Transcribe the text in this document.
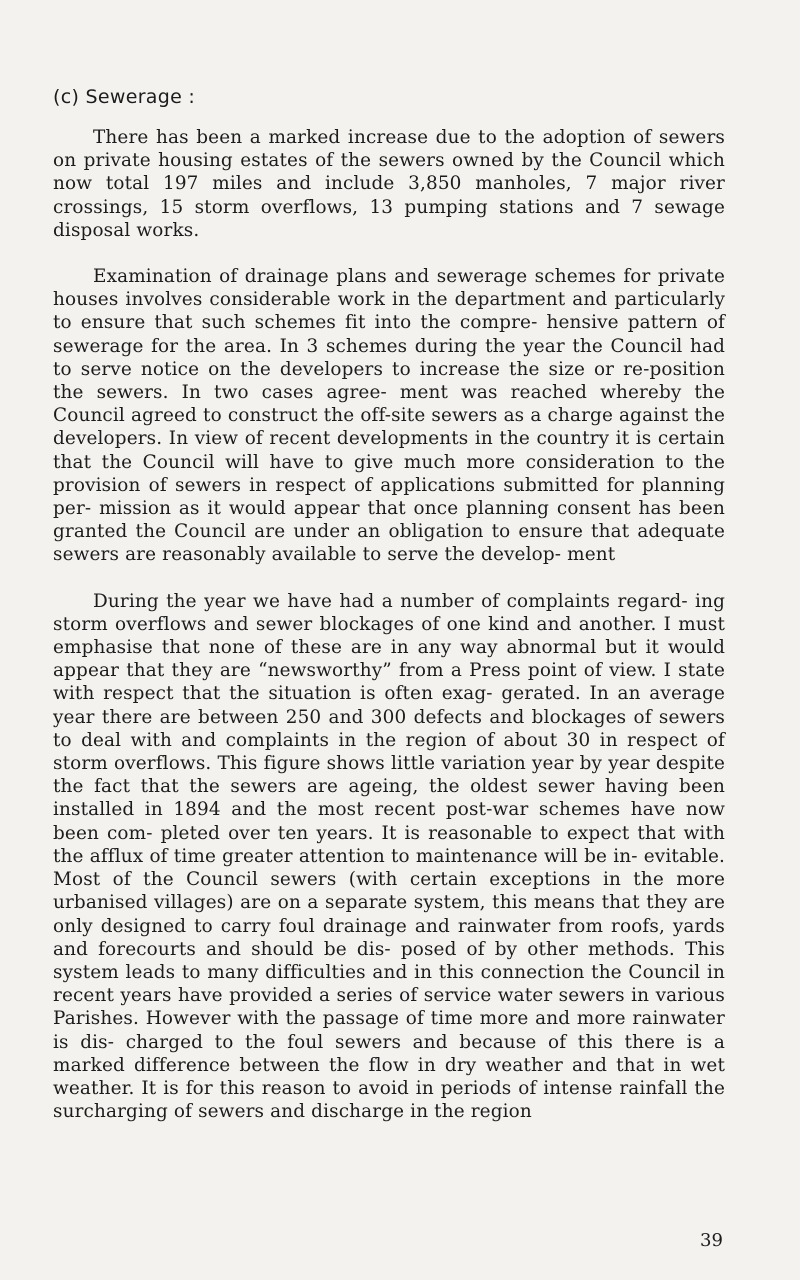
(c) Sewerage :

There has been a marked increase due to the adoption of sewers on private housing estates of the sewers owned by the Council which now total 197 miles and include 3,850 manholes, 7 major river crossings, 15 storm overflows, 13 pumping stations and 7 sewage disposal works.

Examination of drainage plans and sewerage schemes for private houses involves considerable work in the department and particularly to ensure that such schemes fit into the compre- hensive pattern of sewerage for the area. In 3 schemes during the year the Council had to serve notice on the developers to increase the size or re-position the sewers. In two cases agree- ment was reached whereby the Council agreed to construct the off-site sewers as a charge against the developers. In view of recent developments in the country it is certain that the Council will have to give much more consideration to the provision of sewers in respect of applications submitted for planning per- mission as it would appear that once planning consent has been granted the Council are under an obligation to ensure that adequate sewers are reasonably available to serve the develop- ment

During the year we have had a number of complaints regard- ing storm overflows and sewer blockages of one kind and another. I must emphasise that none of these are in any way abnormal but it would appear that they are “newsworthy” from a Press point of view. I state with respect that the situation is often exag- gerated. In an average year there are between 250 and 300 defects and blockages of sewers to deal with and complaints in the region of about 30 in respect of storm overflows. This figure shows little variation year by year despite the fact that the sewers are ageing, the oldest sewer having been installed in 1894 and the most recent post-war schemes have now been com- pleted over ten years. It is reasonable to expect that with the afflux of time greater attention to maintenance will be in- evitable. Most of the Council sewers (with certain exceptions in the more urbanised villages) are on a separate system, this means that they are only designed to carry foul drainage and rainwater from roofs, yards and forecourts and should be dis- posed of by other methods. This system leads to many difficulties and in this connection the Council in recent years have provided a series of service water sewers in various Parishes. However with the passage of time more and more rainwater is dis- charged to the foul sewers and because of this there is a marked difference between the flow in dry weather and that in wet weather. It is for this reason to avoid in periods of intense rainfall the surcharging of sewers and discharge in the region

39
